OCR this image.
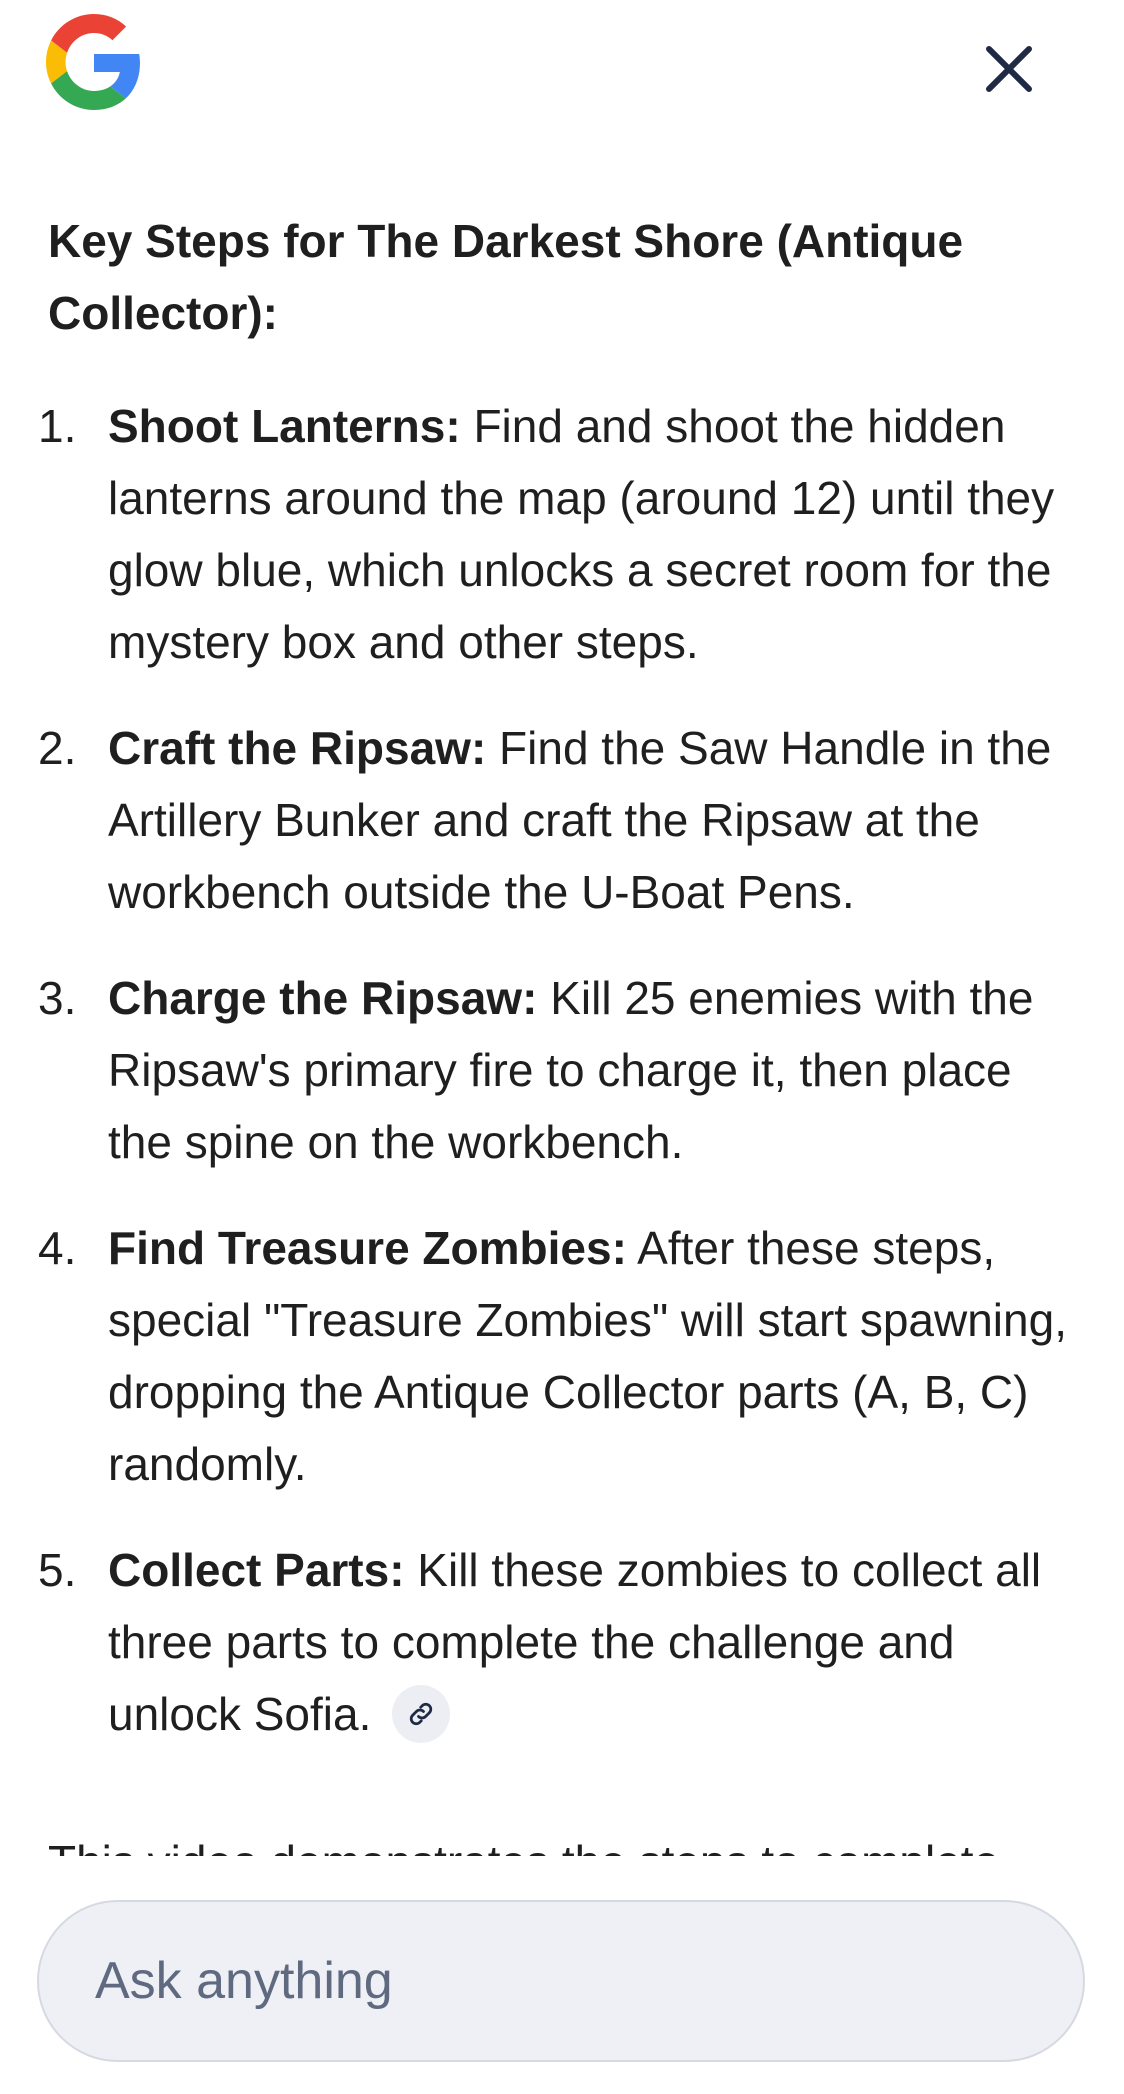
Key Steps for The Darkest Shore (Antique Collector):
1. Shoot Lanterns: Find and shoot the hidden lanterns around the map (around 12) until they glow blue, which unlocks a secret room for the mystery box and other steps.
2. Craft the Ripsaw: Find the Saw Handle in the Artillery Bunker and craft the Ripsaw at the workbench outside the U-Boat Pens.
3. Charge the Ripsaw: Kill 25 enemies with the Ripsaw's primary fire to charge it, then place the spine on the workbench.
4. Find Treasure Zombies: After these steps, special "Treasure Zombies" will start spawning, dropping the Antique Collector parts (A, B, C) randomly.
5. Collect Parts: Kill these zombies to collect all three parts to complete the challenge and unlock Sofia.
Ask anything
